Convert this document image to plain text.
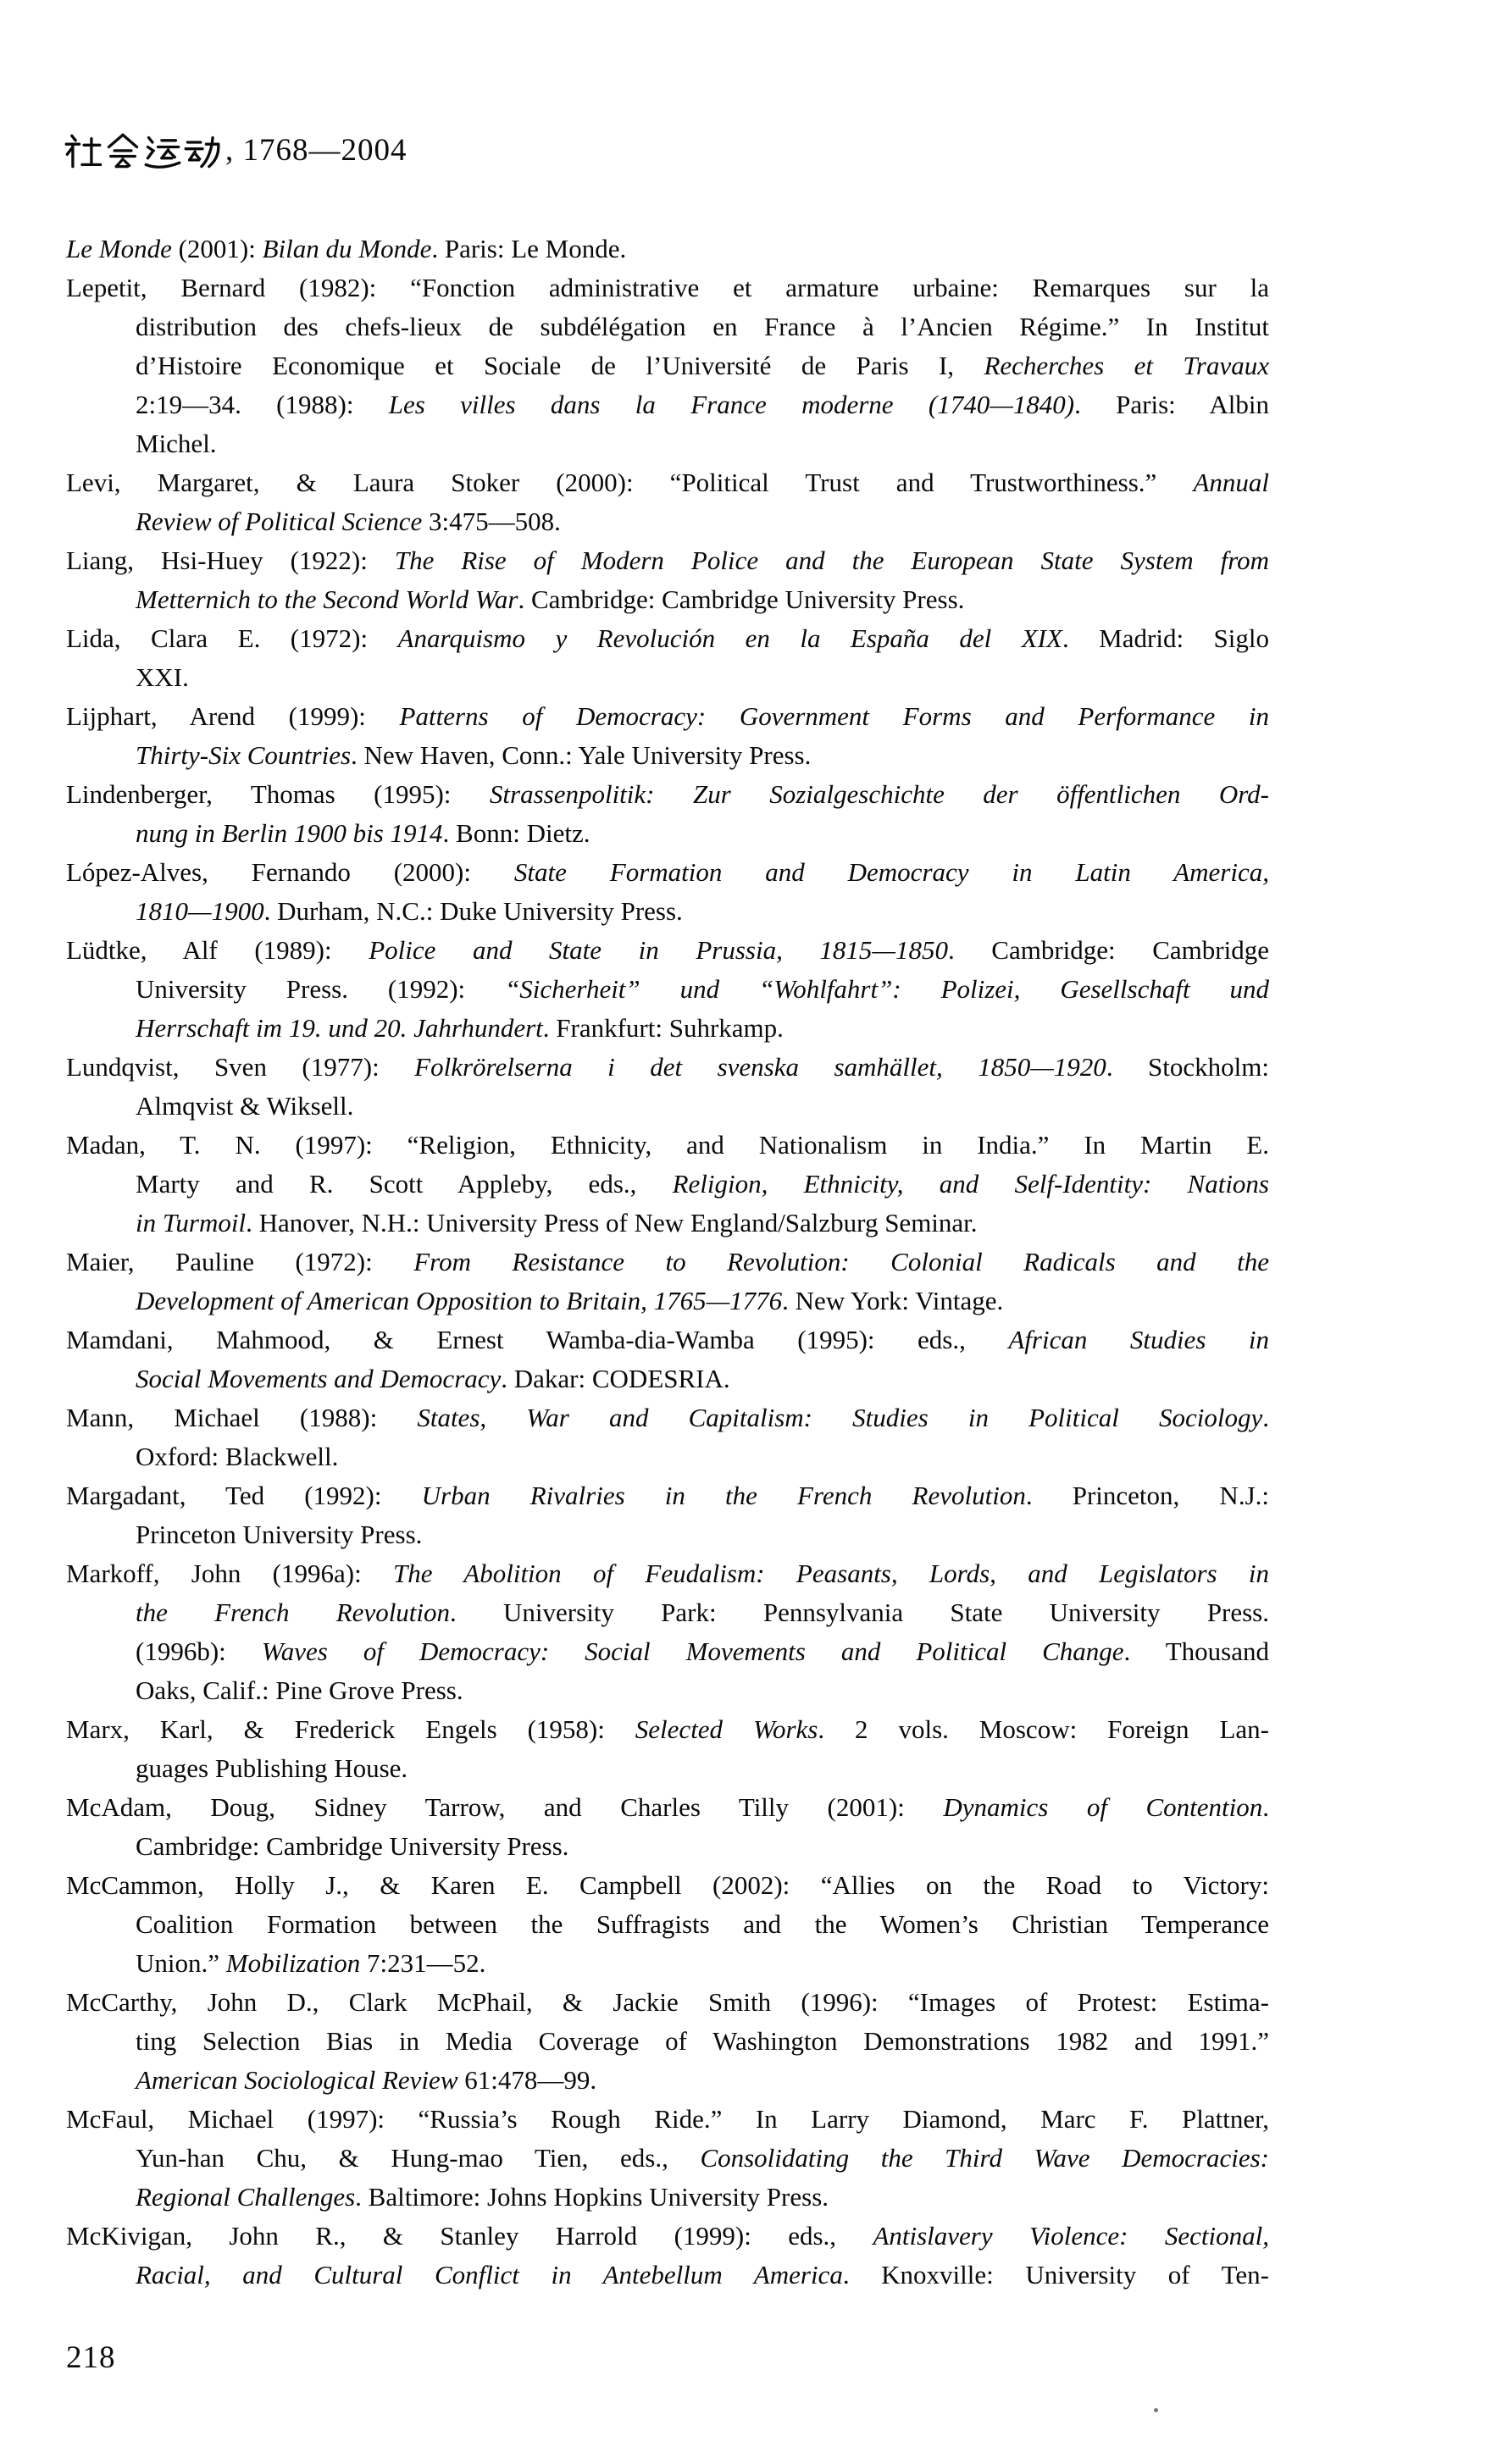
, 1768—2004
Le Monde (2001): Bilan du Monde. Paris: Le Monde.
Lepetit, Bernard (1982): “Fonction administrative et armature urbaine: Remarques sur la
distribution des chefs-lieux de subdélégation en France à l’Ancien Régime.” In Institut
d’Histoire Economique et Sociale de l’Université de Paris I, Recherches et Travaux
2:19—34. (1988): Les villes dans la France moderne (1740—1840). Paris: Albin
Michel.
Levi, Margaret, & Laura Stoker (2000): “Political Trust and Trustworthiness.” Annual
Review of Political Science 3:475—508.
Liang, Hsi-Huey (1922): The Rise of Modern Police and the European State System from
Metternich to the Second World War. Cambridge: Cambridge University Press.
Lida, Clara E. (1972): Anarquismo y Revolución en la España del XIX. Madrid: Siglo
XXI.
Lijphart, Arend (1999): Patterns of Democracy: Government Forms and Performance in
Thirty-Six Countries. New Haven, Conn.: Yale University Press.
Lindenberger, Thomas (1995): Strassenpolitik: Zur Sozialgeschichte der öffentlichen Ord-
nung in Berlin 1900 bis 1914. Bonn: Dietz.
López-Alves, Fernando (2000): State Formation and Democracy in Latin America,
1810—1900. Durham, N.C.: Duke University Press.
Lüdtke, Alf (1989): Police and State in Prussia, 1815—1850. Cambridge: Cambridge
University Press. (1992): “Sicherheit” und “Wohlfahrt”: Polizei, Gesellschaft und
Herrschaft im 19. und 20. Jahrhundert. Frankfurt: Suhrkamp.
Lundqvist, Sven (1977): Folkrörelserna i det svenska samhället, 1850—1920. Stockholm:
Almqvist & Wiksell.
Madan, T. N. (1997): “Religion, Ethnicity, and Nationalism in India.” In Martin E.
Marty and R. Scott Appleby, eds., Religion, Ethnicity, and Self-Identity: Nations
in Turmoil. Hanover, N.H.: University Press of New England/Salzburg Seminar.
Maier, Pauline (1972): From Resistance to Revolution: Colonial Radicals and the
Development of American Opposition to Britain, 1765—1776. New York: Vintage.
Mamdani, Mahmood, & Ernest Wamba-dia-Wamba (1995): eds., African Studies in
Social Movements and Democracy. Dakar: CODESRIA.
Mann, Michael (1988): States, War and Capitalism: Studies in Political Sociology.
Oxford: Blackwell.
Margadant, Ted (1992): Urban Rivalries in the French Revolution. Princeton, N.J.:
Princeton University Press.
Markoff, John (1996a): The Abolition of Feudalism: Peasants, Lords, and Legislators in
the French Revolution. University Park: Pennsylvania State University Press.
(1996b): Waves of Democracy: Social Movements and Political Change. Thousand
Oaks, Calif.: Pine Grove Press.
Marx, Karl, & Frederick Engels (1958): Selected Works. 2 vols. Moscow: Foreign Lan-
guages Publishing House.
McAdam, Doug, Sidney Tarrow, and Charles Tilly (2001): Dynamics of Contention.
Cambridge: Cambridge University Press.
McCammon, Holly J., & Karen E. Campbell (2002): “Allies on the Road to Victory:
Coalition Formation between the Suffragists and the Women’s Christian Temperance
Union.” Mobilization 7:231—52.
McCarthy, John D., Clark McPhail, & Jackie Smith (1996): “Images of Protest: Estima-
ting Selection Bias in Media Coverage of Washington Demonstrations 1982 and 1991.”
American Sociological Review 61:478—99.
McFaul, Michael (1997): “Russia’s Rough Ride.” In Larry Diamond, Marc F. Plattner,
Yun-han Chu, & Hung-mao Tien, eds., Consolidating the Third Wave Democracies:
Regional Challenges. Baltimore: Johns Hopkins University Press.
McKivigan, John R., & Stanley Harrold (1999): eds., Antislavery Violence: Sectional,
Racial, and Cultural Conflict in Antebellum America. Knoxville: University of Ten-
218
